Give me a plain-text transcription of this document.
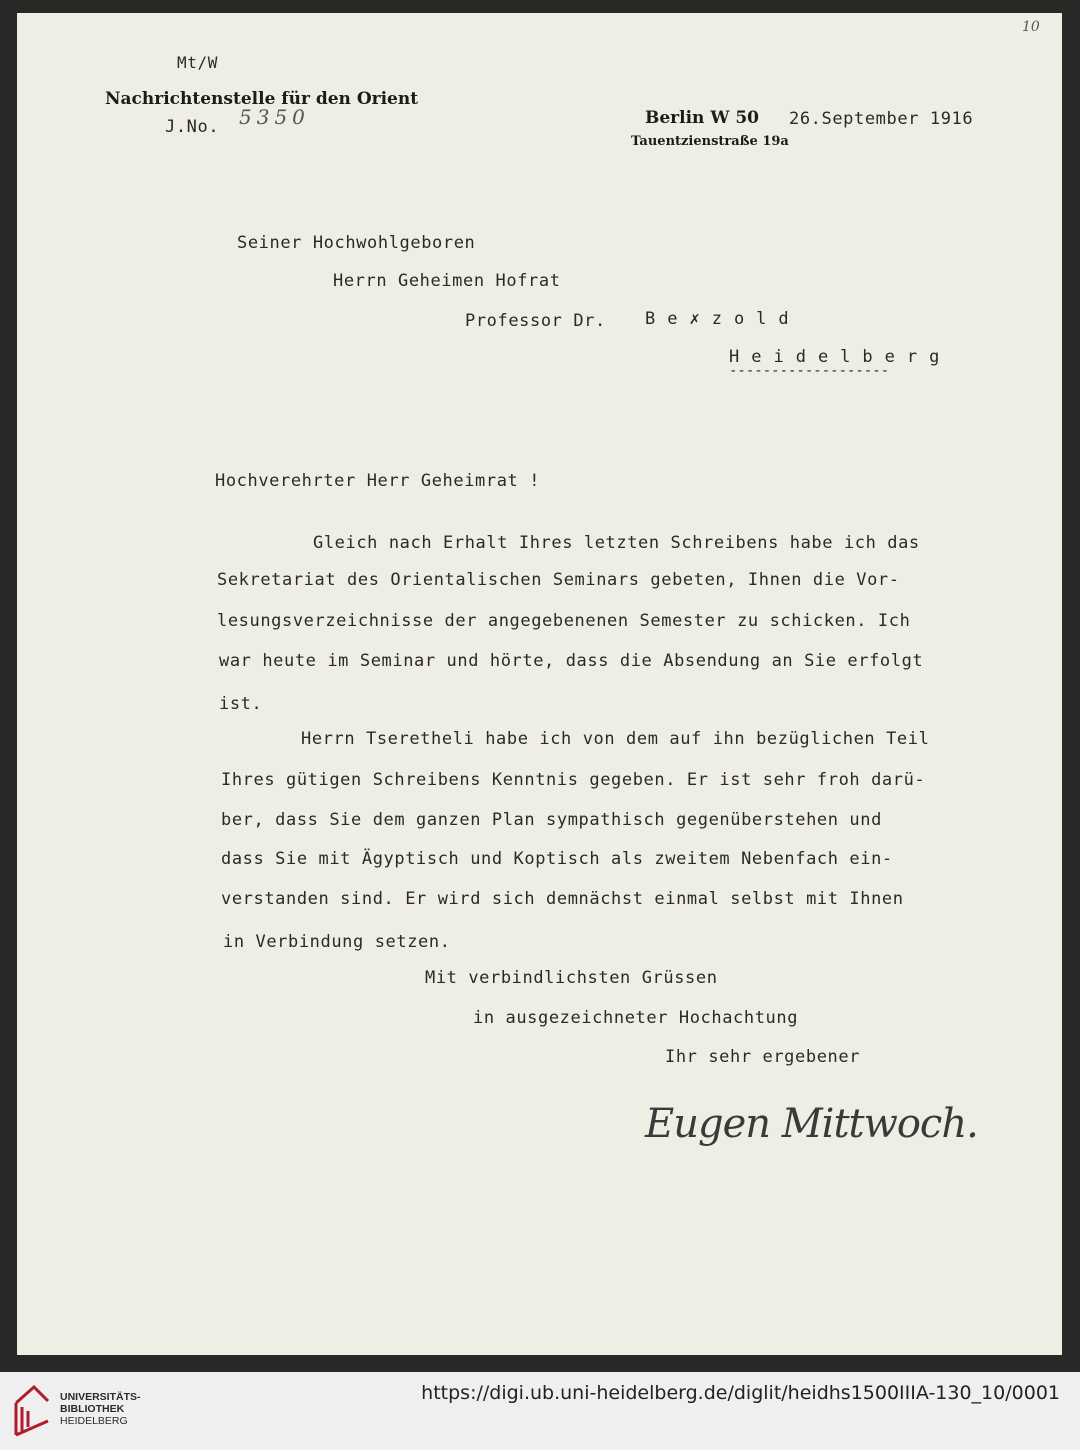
10
Mt/W
Nachrichtenstelle für den Orient
J.No. 5350	Berlin W 50 26.September 1916
Tauentzienstraße 19a
Seiner Hochwohlgeboren
Herrn Geheimen Hofrat
Professor Dr. Be✗zold
Heidelberg
-------------------
Hochverehrter Herr Geheimrat !
Gleich nach Erhalt Ihres letzten Schreibens habe ich das
Sekretariat des Orientalischen Seminars gebeten, Ihnen die Vor-
lesungsverzeichnisse der angegebenenen Semester zu schicken. Ich
war heute im Seminar und hörte, dass die Absendung an Sie erfolgt
ist.
Herrn Tseretheli habe ich von dem auf ihn bezüglichen Teil
Ihres gütigen Schreibens Kenntnis gegeben. Er ist sehr froh darü-
ber, dass Sie dem ganzen Plan sympathisch gegenüberstehen und
dass Sie mit Ägyptisch und Koptisch als zweitem Nebenfach ein-
verstanden sind. Er wird sich demnächst einmal selbst mit Ihnen
in Verbindung setzen.
Mit verbindlichsten Grüssen
in ausgezeichneter Hochachtung
Ihr sehr ergebener
Eugen Mittwoch.
UNIVERSITÄTS-
BIBLIOTHEK
HEIDELBERG
https://digi.ub.uni-heidelberg.de/diglit/heidhs1500IIIA-130_10/0001
